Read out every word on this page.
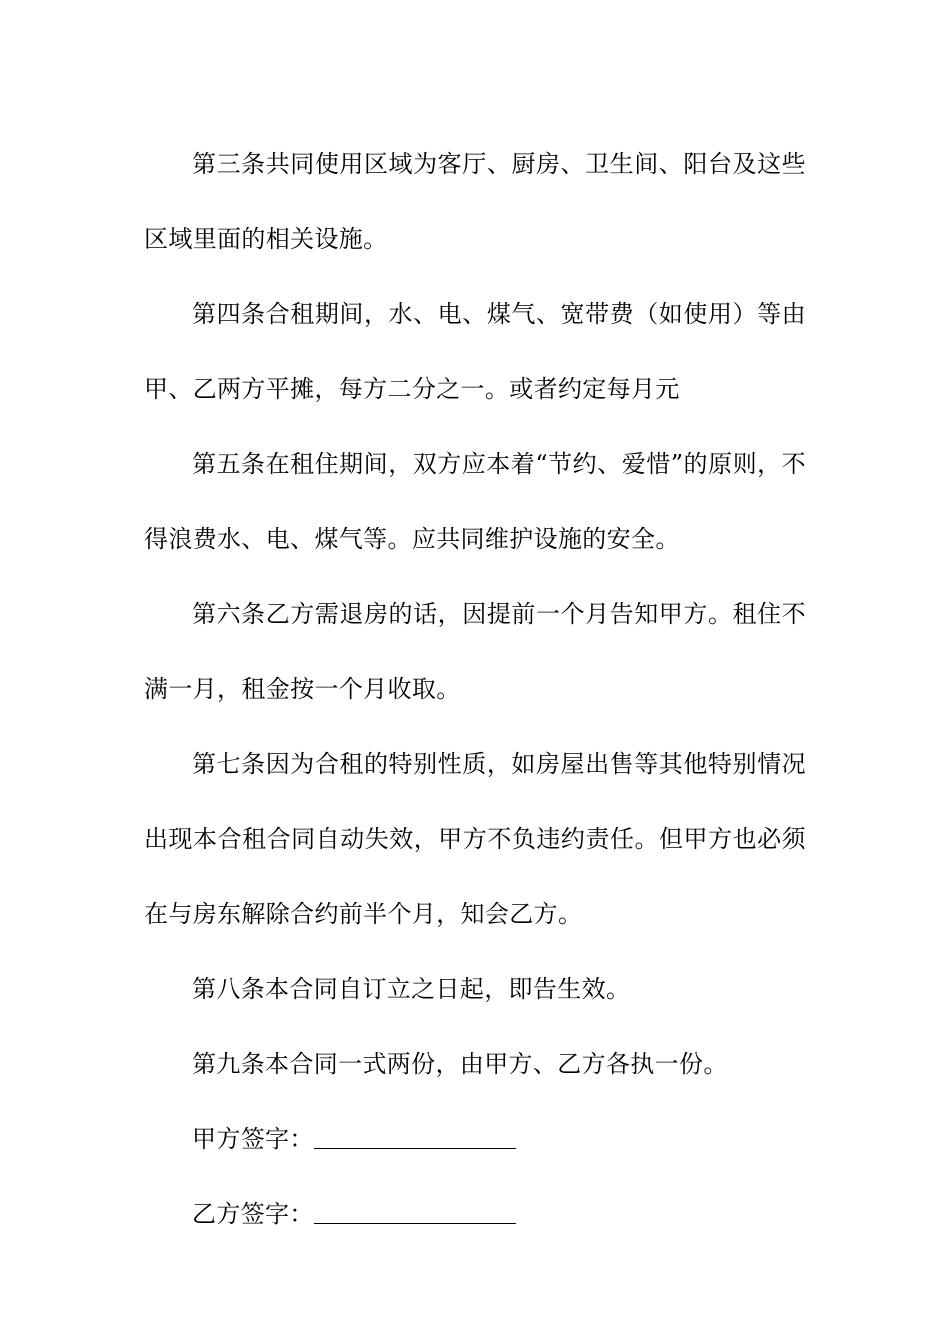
第三条共同使用区域为客厅、厨房、卫生间、阳台及这些区域里面的相关设施。

第四条合租期间，水、电、煤气、宽带费（如使用）等由甲、乙两方平摊，每方二分之一。或者约定每月元

第五条在租住期间，双方应本着“节约、爱惜”的原则，不得浪费水、电、煤气等。应共同维护设施的安全。

第六条乙方需退房的话，因提前一个月告知甲方。租住不满一月，租金按一个月收取。

第七条因为合租的特别性质，如房屋出售等其他特别情况出现本合租合同自动失效，甲方不负违约责任。但甲方也必须在与房东解除合约前半个月，知会乙方。

第八条本合同自订立之日起，即告生效。

第九条本合同一式两份，由甲方、乙方各执一份。

甲方签字：
乙方签字：
